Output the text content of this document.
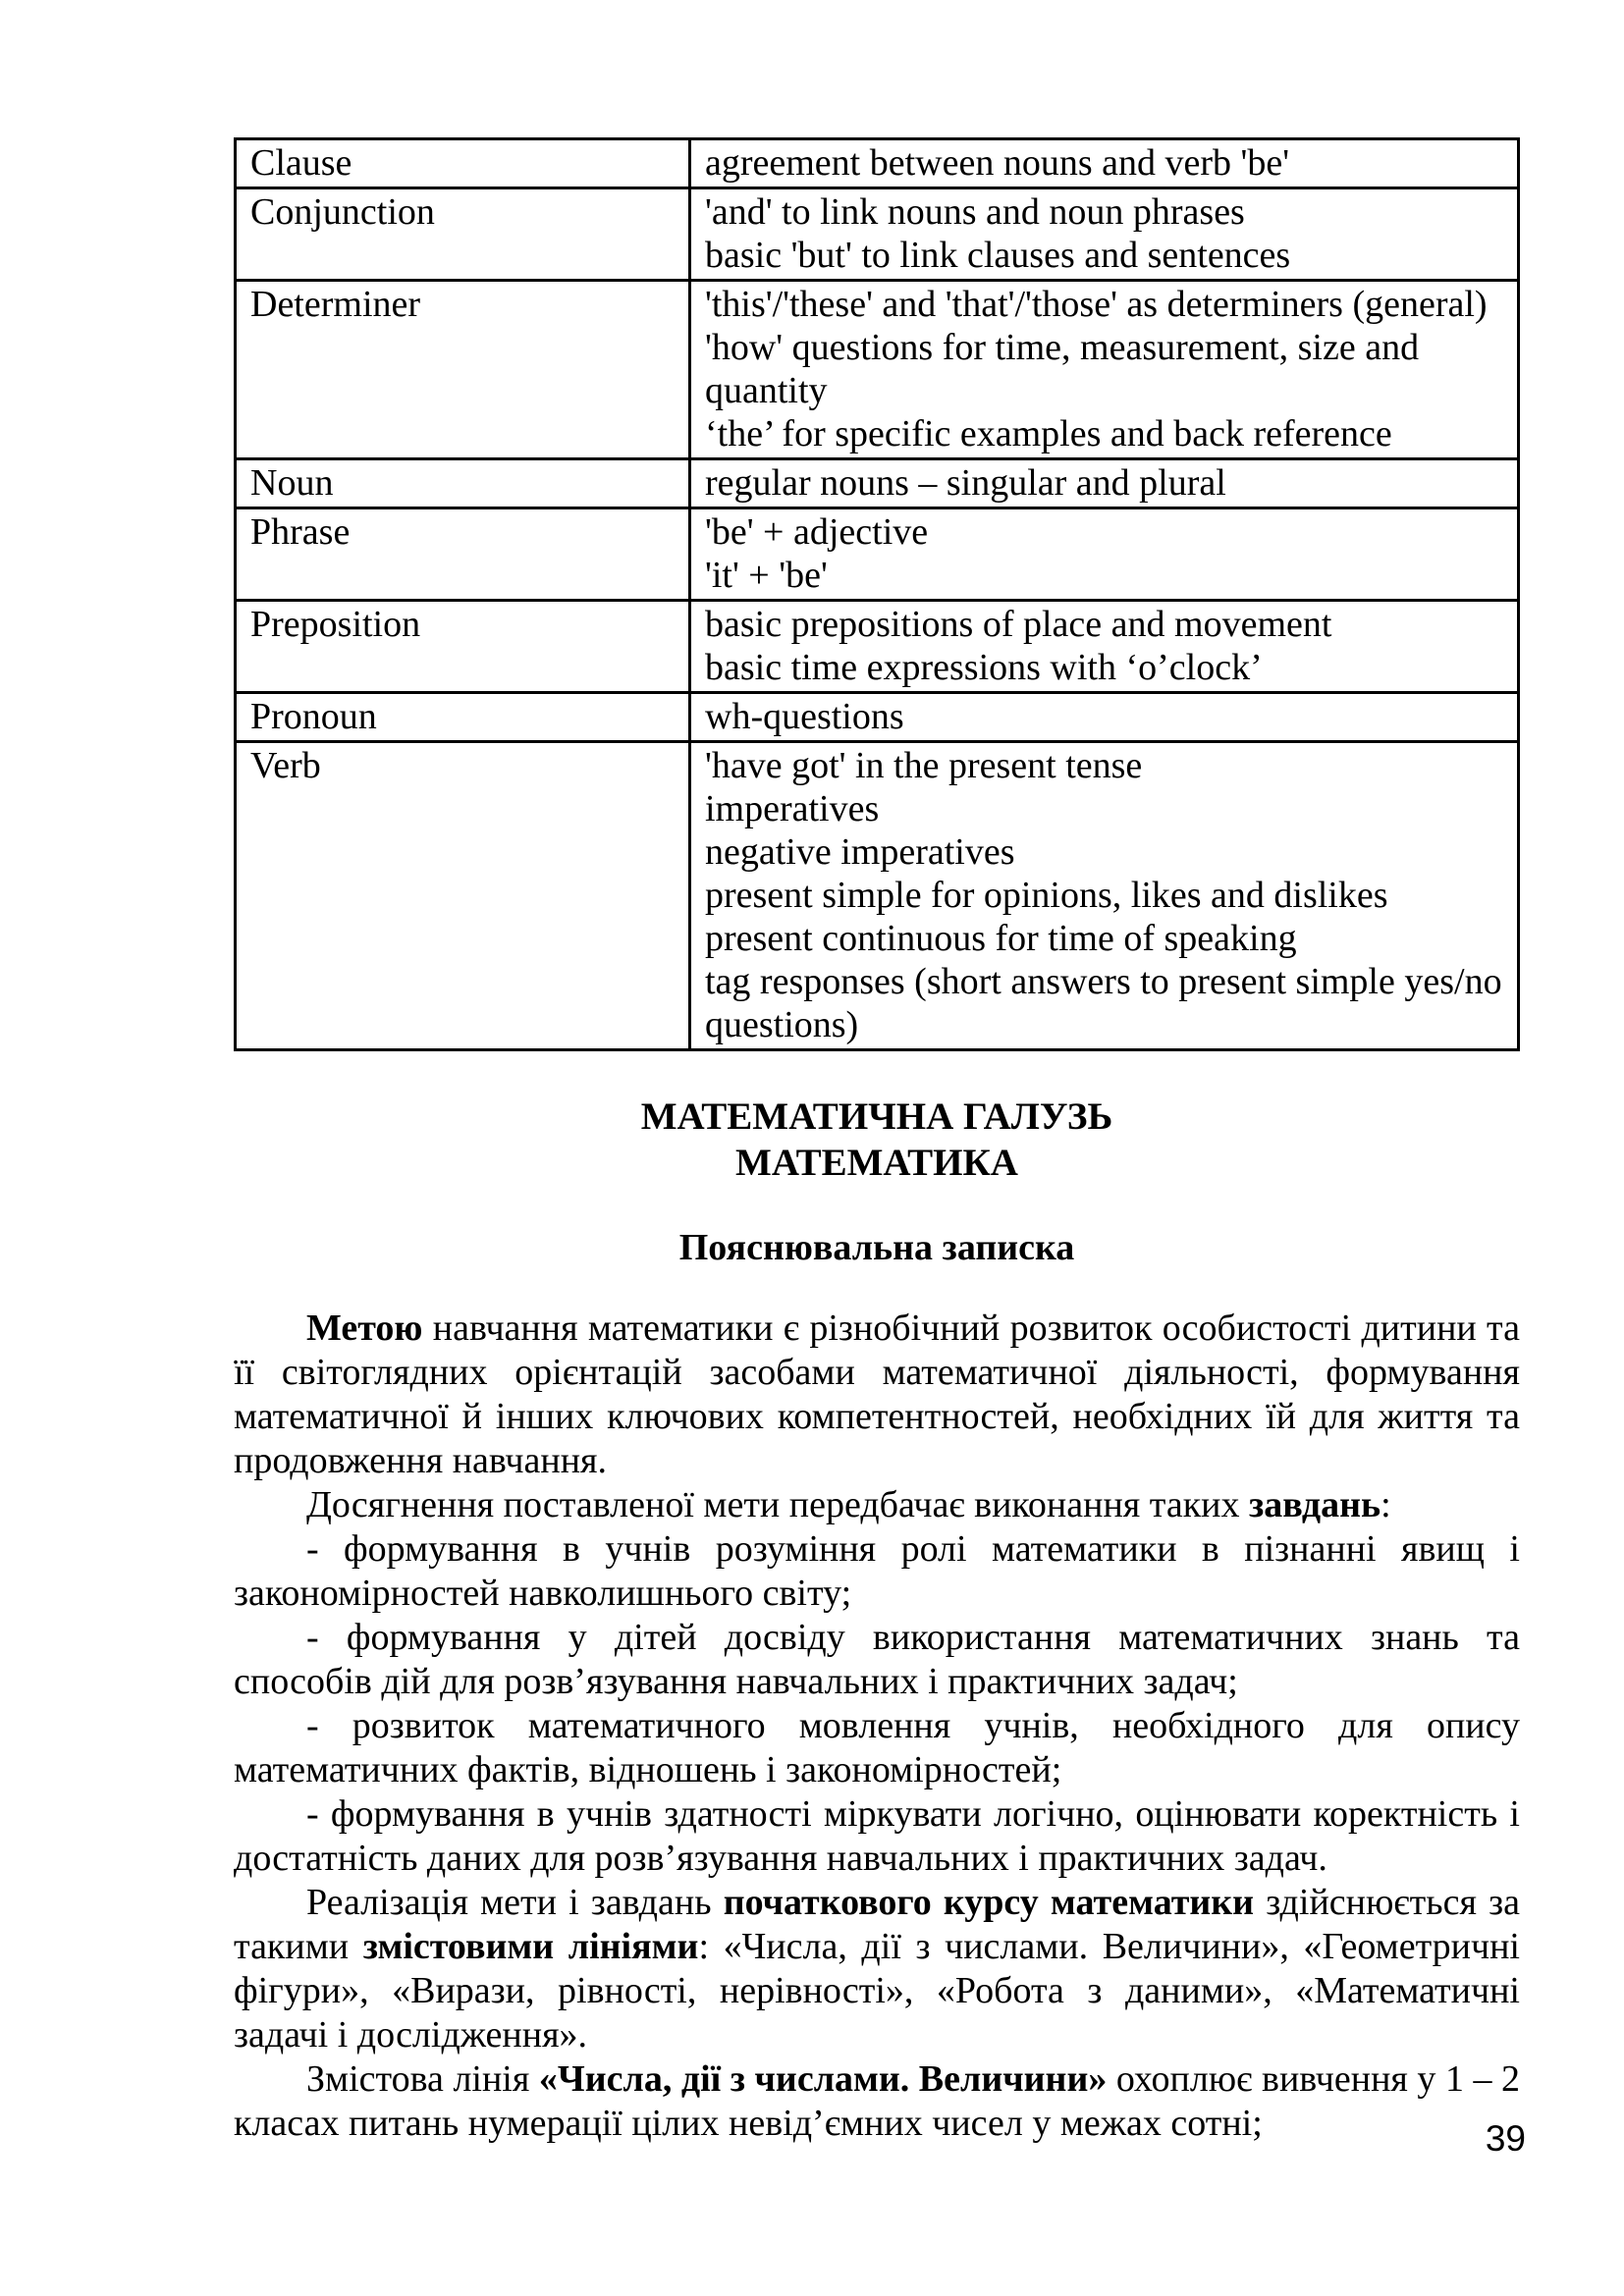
Clause	agreement between nouns and verb 'be'

Conjunction	'and' to link nouns and noun phrases
basic 'but' to link clauses and sentences

Determiner	'this'/'these' and 'that'/'those' as determiners (general)
'how' questions for time, measurement, size and quantity
‘the’ for specific examples and back reference

Noun	regular nouns – singular and plural

Phrase	'be' + adjective
'it' + 'be'

Preposition	basic prepositions of place and movement
basic time expressions with ‘o’clock’

Pronoun	wh-questions

Verb	'have got' in the present tense
imperatives
negative imperatives
present simple for opinions, likes and dislikes
present continuous for time of speaking
tag responses (short answers to present simple yes/no questions)
МАТЕМАТИЧНА ГАЛУЗЬ
МАТЕМАТИКА
Пояснювальна записка

Метою навчання математики є різнобічний розвиток особистості дитини та її світоглядних орієнтацій засобами математичної діяльності, формування математичної й інших ключових компетентностей, необхідних їй для життя та продовження навчання.

Досягнення поставленої мети передбачає виконання таких завдань:

- формування в учнів розуміння ролі математики в пізнанні явищ і закономірностей навколишнього світу;

- формування у дітей досвіду використання математичних знань та способів дій для розв’язування навчальних і практичних задач;

- розвиток математичного мовлення учнів, необхідного для опису математичних фактів, відношень і закономірностей;

- формування в учнів здатності міркувати логічно, оцінювати коректність і достатність даних для розв’язування навчальних і практичних задач.

Реалізація мети і завдань початкового курсу математики здійснюється за такими змістовими лініями: «Числа, дії з числами. Величини», «Геометричні фігури», «Вирази, рівності, нерівності», «Робота з даними», «Математичні задачі і дослідження».

Змістова лінія «Числа, дії з числами. Величини» охоплює вивчення у 1 – 2 класах питань нумерації цілих невід’ємних чисел у межах сотні;	39
